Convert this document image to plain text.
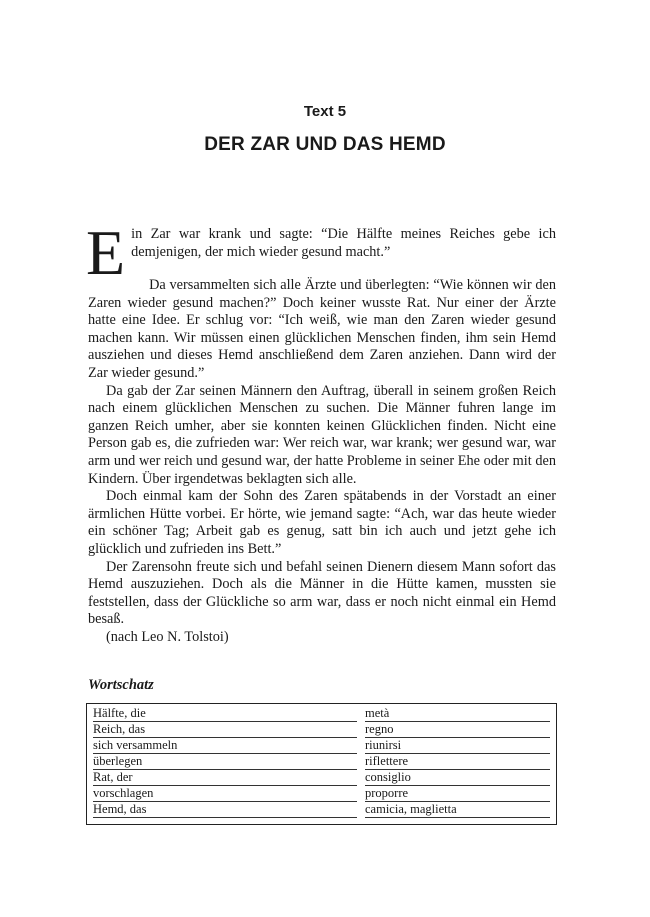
Text 5
DER ZAR UND DAS HEMD

Ein Zar war krank und sagte: “Die Hälfte meines Reiches gebe ich demjenigen, der mich wieder gesund macht.”

Da versammelten sich alle Ärzte und überlegten: “Wie können wir den Zaren wieder gesund machen?” Doch keiner wusste Rat. Nur einer der Ärzte hatte eine Idee. Er schlug vor: “Ich weiß, wie man den Zaren wieder gesund machen kann. Wir müssen einen glücklichen Menschen finden, ihm sein Hemd ausziehen und dieses Hemd anschließend dem Zaren anziehen. Dann wird der Zar wieder gesund.”

Da gab der Zar seinen Männern den Auftrag, überall in seinem großen Reich nach einem glücklichen Menschen zu suchen. Die Männer fuhren lange im ganzen Reich umher, aber sie konnten keinen Glücklichen finden. Nicht eine Person gab es, die zufrieden war: Wer reich war, war krank; wer gesund war, war arm und wer reich und gesund war, der hatte Probleme in seiner Ehe oder mit den Kindern. Über irgendetwas beklagten sich alle.

Doch einmal kam der Sohn des Zaren spätabends in der Vorstadt an einer ärmlichen Hütte vorbei. Er hörte, wie jemand sagte: “Ach, war das heute wieder ein schöner Tag; Arbeit gab es genug, satt bin ich auch und jetzt gehe ich glücklich und zufrieden ins Bett.”

Der Zarensohn freute sich und befahl seinen Dienern diesem Mann sofort das Hemd auszuziehen. Doch als die Männer in die Hütte kamen, mussten sie feststellen, dass der Glückliche so arm war, dass er noch nicht einmal ein Hemd besaß.

(nach Leo N. Tolstoi)

Wortschatz
Hälfte, die	metà
Reich, das	regno
sich versammeln	riunirsi
überlegen	riflettere
Rat, der	consiglio
vorschlagen	proporre
Hemd, das	camicia, maglietta
